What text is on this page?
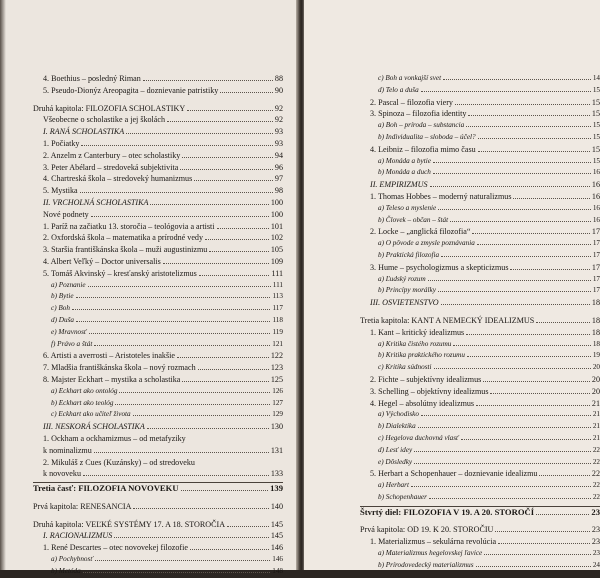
4. Boethius – posledný Riman	88
5. Pseudo-Dionýz Areopagita – doznievanie patristiky	90
Druhá kapitola: FILOZOFIA SCHOLASTIKY	92
Všeobecne o scholastike a jej školách	92
I. RANÁ SCHOLASTIKA	93
1. Počiatky	93
2. Anzelm z Canterbury – otec scholastiky	94
3. Peter Abélard – stredoveká subjektivita	96
4. Chartreská škola – stredoveký humanizmus	97
5. Mystika	98
II. VRCHOLNÁ SCHOLASTIKA	100
Nové podnety	100
1. Paríž na začiatku 13. storočia – teológovia a artisti	101
2. Oxfordská škola – matematika a prírodné vedy	102
3. Staršia františkánska škola – muži augustinizmu	105
4. Albert Veľký – Doctor universalis	109
5. Tomáš Akvinský – kresťanský aristotelizmus	111
a) Poznanie	111
b) Bytie	113
c) Boh	117
d) Duša	118
e) Mravnosť	119
f) Právo a štát	121
6. Artisti a averrosti – Aristoteles inakšie	122
7. Mladšia františkánska škola – nový rozmach	123
8. Majster Eckhart – mystika a scholastika	125
a) Eckhart ako ontológ	126
b) Eckhart ako teológ	127
c) Eckhart ako učiteľ života	129
III. NESKORÁ SCHOLASTIKA	130
1. Ockham a ockhamizmus – od metafyziky
k nominalizmu	131
2. Mikuláš z Cues (Kuzánsky) – od stredoveku
k novoveku	133
Tretia časť: FILOZOFIA NOVOVEKU	139
Prvá kapitola: RENESANCIA	140
Druhá kapitola: VEĽKÉ SYSTÉMY 17. A 18. STOROČIA	145
I. RACIONALIZMUS	145
1. René Descartes – otec novovekej filozofie	146
a) Pochybnosť	146
b) Metóda	148
c) Boh a vonkajší svet	14
d) Telo a duša	15
2. Pascal – filozofia viery	15
3. Spinoza – filozofia identity	15
a) Boh – príroda – substancia	15
b) Individualita – sloboda – účel?	15
4. Leibniz – filozofia mimo času	15
a) Monáda a bytie	15
b) Monáda a duch	16
II. EMPIRIZMUS	16
1. Thomas Hobbes – moderný naturalizmus	16
a) Teleso a myslenie	16
b) Človek – občan – štát	16
2. Locke – „anglická filozofia“	17
a) O pôvode a zmysle poznávania	17
b) Praktická filozofia	17
3. Hume – psychologizmus a skepticizmus	17
a) Ľudský rozum	17
b) Princípy morálky	17
III. OSVIETENSTVO	18
Tretia kapitola: KANT A NEMECKÝ IDEALIZMUS	18
1. Kant – kritický idealizmus	18
a) Kritika čistého rozumu	18
b) Kritika praktického rozumu	19
c) Kritika súdnosti	20
2. Fichte – subjektívny idealizmus	20
3. Schelling – objektívny idealizmus	20
4. Hegel – absolútny idealizmus	21
a) Východisko	21
b) Dialektika	21
c) Hegelova duchovná vlasť	21
d) Lesť idey	22
e) Dôsledky	22
5. Herbart a Schopenhauer – doznievanie idealizmu	22
a) Herbart	22
b) Schopenhauer	22
Štvrtý diel: FILOZOFIA V 19. A 20. STOROČÍ	23
Prvá kapitola: OD 19. K 20. STOROČIU	23
1. Materializmus – sekulárna revolúcia	23
a) Materializmus hegelovskej ľavice	23
b) Prírodovedecký materializmus	24
